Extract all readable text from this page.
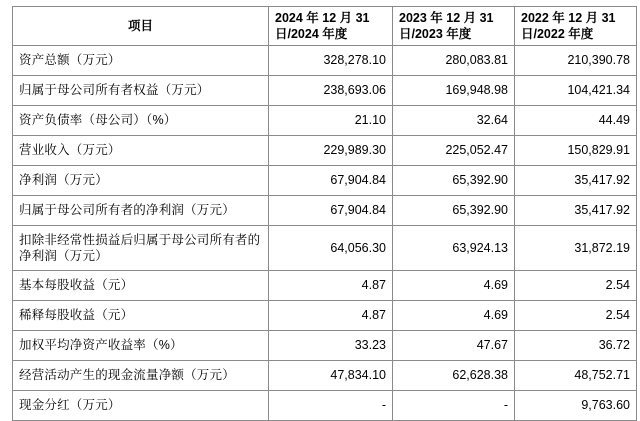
项目	2024 年 12 月 31 日/2024 年度	2023 年 12 月 31 日/2023 年度	2022 年 12 月 31 日/2022 年度
资产总额（万元）	328,278.10	280,083.81	210,390.78
归属于母公司所有者权益（万元）	238,693.06	169,948.98	104,421.34
资产负债率（母公司）（%）	21.10	32.64	44.49
营业收入（万元）	229,989.30	225,052.47	150,829.91
净利润（万元）	67,904.84	65,392.90	35,417.92
归属于母公司所有者的净利润（万元）	67,904.84	65,392.90	35,417.92
扣除非经常性损益后归属于母公司所有者的净利润（万元）	64,056.30	63,924.13	31,872.19
基本每股收益（元）	4.87	4.69	2.54
稀释每股收益（元）	4.87	4.69	2.54
加权平均净资产收益率（%）	33.23	47.67	36.72
经营活动产生的现金流量净额（万元）	47,834.10	62,628.38	48,752.71
现金分红（万元）	-	-	9,763.60
